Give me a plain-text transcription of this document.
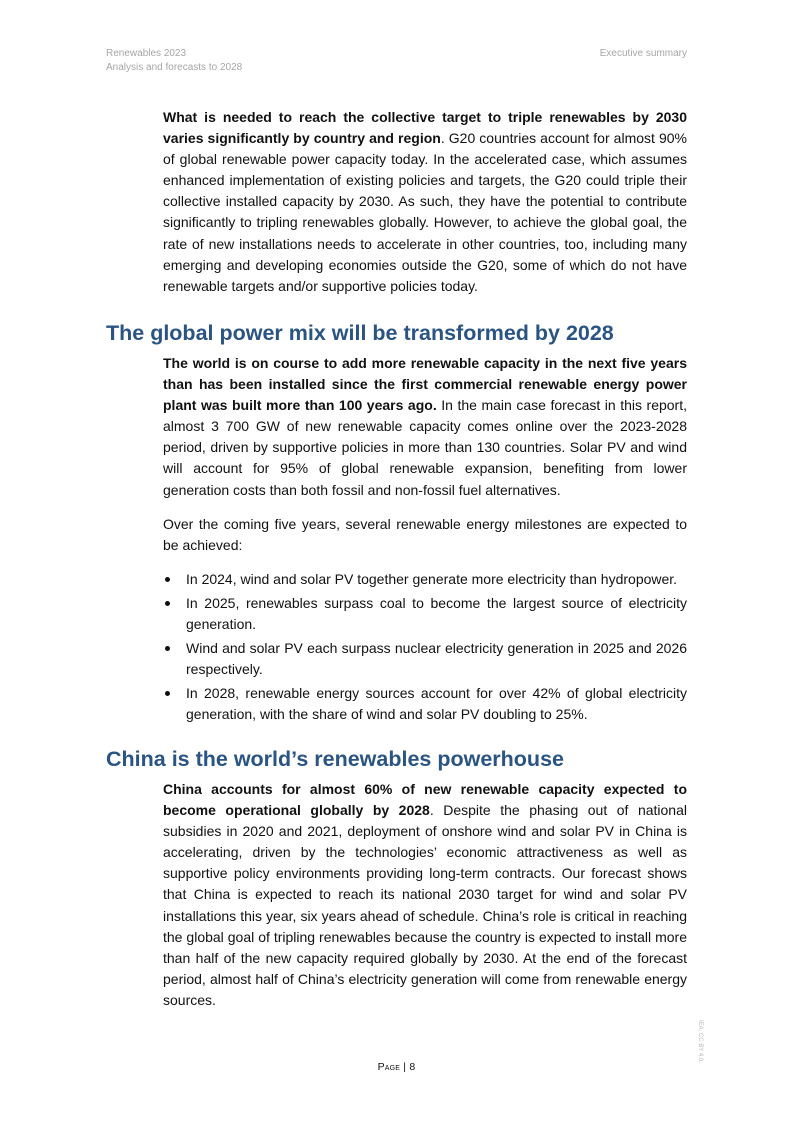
Renewables 2023
Analysis and forecasts to 2028
Executive summary

What is needed to reach the collective target to triple renewables by 2030 varies significantly by country and region. G20 countries account for almost 90% of global renewable power capacity today. In the accelerated case, which assumes enhanced implementation of existing policies and targets, the G20 could triple their collective installed capacity by 2030. As such, they have the potential to contribute significantly to tripling renewables globally. However, to achieve the global goal, the rate of new installations needs to accelerate in other countries, too, including many emerging and developing economies outside the G20, some of which do not have renewable targets and/or supportive policies today.

The global power mix will be transformed by 2028

The world is on course to add more renewable capacity in the next five years than has been installed since the first commercial renewable energy power plant was built more than 100 years ago. In the main case forecast in this report, almost 3 700 GW of new renewable capacity comes online over the 2023-2028 period, driven by supportive policies in more than 130 countries. Solar PV and wind will account for 95% of global renewable expansion, benefiting from lower generation costs than both fossil and non-fossil fuel alternatives.

Over the coming five years, several renewable energy milestones are expected to be achieved:

In 2024, wind and solar PV together generate more electricity than hydropower.
In 2025, renewables surpass coal to become the largest source of electricity generation.
Wind and solar PV each surpass nuclear electricity generation in 2025 and 2026 respectively.
In 2028, renewable energy sources account for over 42% of global electricity generation, with the share of wind and solar PV doubling to 25%.
China is the world’s renewables powerhouse

China accounts for almost 60% of new renewable capacity expected to become operational globally by 2028. Despite the phasing out of national subsidies in 2020 and 2021, deployment of onshore wind and solar PV in China is accelerating, driven by the technologies’ economic attractiveness as well as supportive policy environments providing long-term contracts. Our forecast shows that China is expected to reach its national 2030 target for wind and solar PV installations this year, six years ahead of schedule. China’s role is critical in reaching the global goal of tripling renewables because the country is expected to install more than half of the new capacity required globally by 2030. At the end of the forecast period, almost half of China’s electricity generation will come from renewable energy sources.

Page | 8
IEA. CC BY 4.0.
